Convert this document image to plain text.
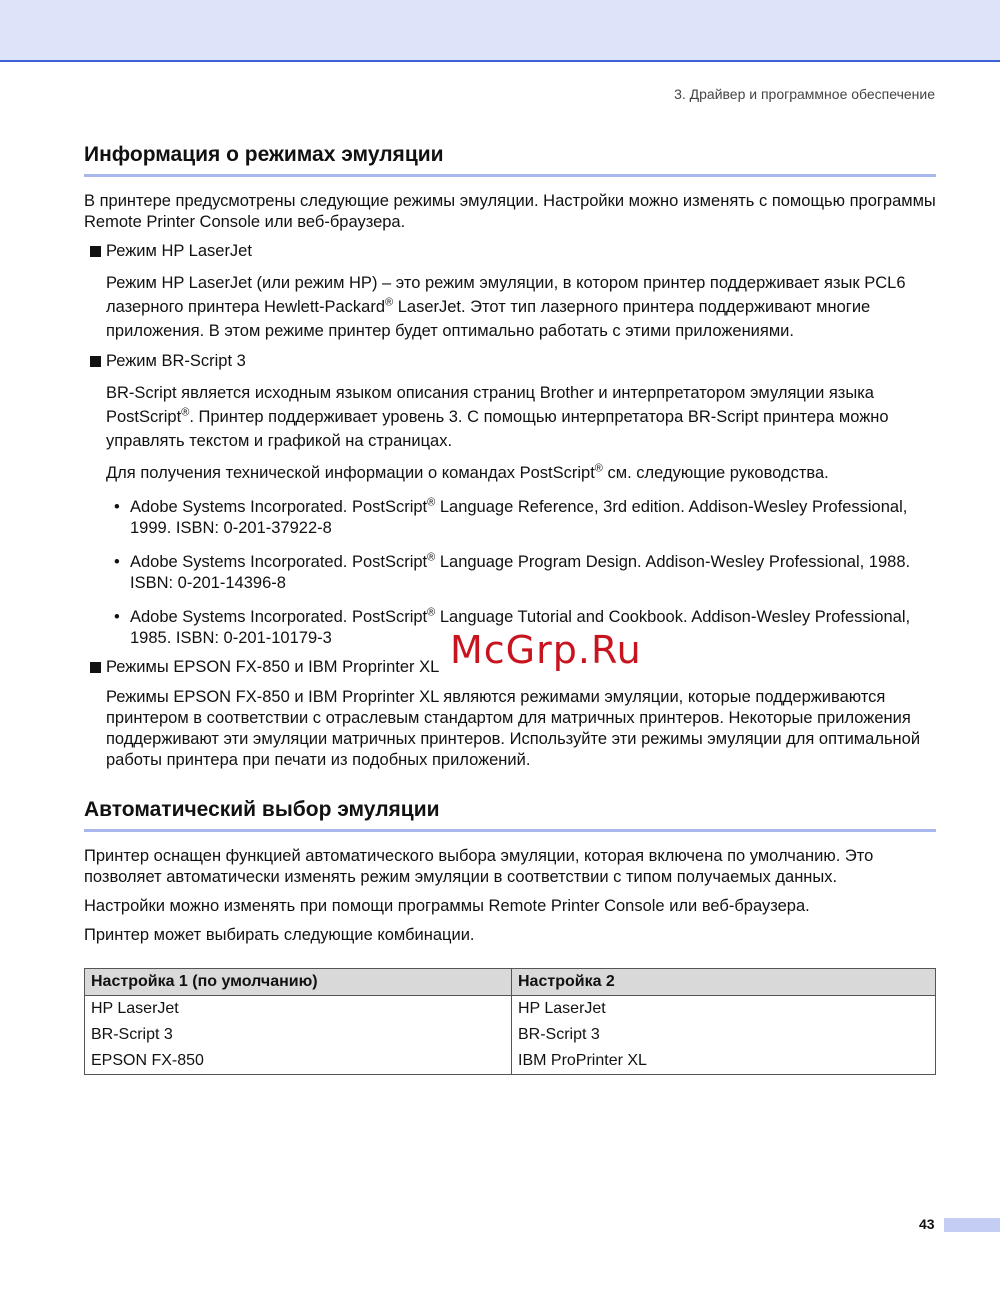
3. Драйвер и программное обеспечение
Информация о режимах эмуляции

В принтере предусмотрены следующие режимы эмуляции. Настройки можно изменять с помощью программы Remote Printer Console или веб-браузера.

Режим HP LaserJet

Режим HP LaserJet (или режим HP) – это режим эмуляции, в котором принтер поддерживает язык PCL6 лазерного принтера Hewlett-Packard® LaserJet. Этот тип лазерного принтера поддерживают многие приложения. В этом режиме принтер будет оптимально работать с этими приложениями.

Режим BR-Script 3

BR-Script является исходным языком описания страниц Brother и интерпретатором эмуляции языка PostScript®. Принтер поддерживает уровень 3. С помощью интерпретатора BR-Script принтера можно управлять текстом и графикой на страницах.

Для получения технической информации о командах PostScript® см. следующие руководства.

• Adobe Systems Incorporated. PostScript® Language Reference, 3rd edition. Addison-Wesley Professional, 1999. ISBN: 0-201-37922-8
• Adobe Systems Incorporated. PostScript® Language Program Design. Addison-Wesley Professional, 1988. ISBN: 0-201-14396-8
• Adobe Systems Incorporated. PostScript® Language Tutorial and Cookbook. Addison-Wesley Professional, 1985. ISBN: 0-201-10179-3
Режимы EPSON FX-850 и IBM Proprinter XL

Режимы EPSON FX-850 и IBM Proprinter XL являются режимами эмуляции, которые поддерживаются принтером в соответствии с отраслевым стандартом для матричных принтеров. Некоторые приложения поддерживают эти эмуляции матричных принтеров. Используйте эти режимы эмуляции для оптимальной работы принтера при печати из подобных приложений.

Автоматический выбор эмуляции

Принтер оснащен функцией автоматического выбора эмуляции, которая включена по умолчанию. Это позволяет автоматически изменять режим эмуляции в соответствии с типом получаемых данных.

Настройки можно изменять при помощи программы Remote Printer Console или веб-браузера.

Принтер может выбирать следующие комбинации.

Настройка 1 (по умолчанию)	Настройка 2
HP LaserJet	HP LaserJet
BR-Script 3	BR-Script 3
EPSON FX-850	IBM ProPrinter XL
McGrp.Ru
43
